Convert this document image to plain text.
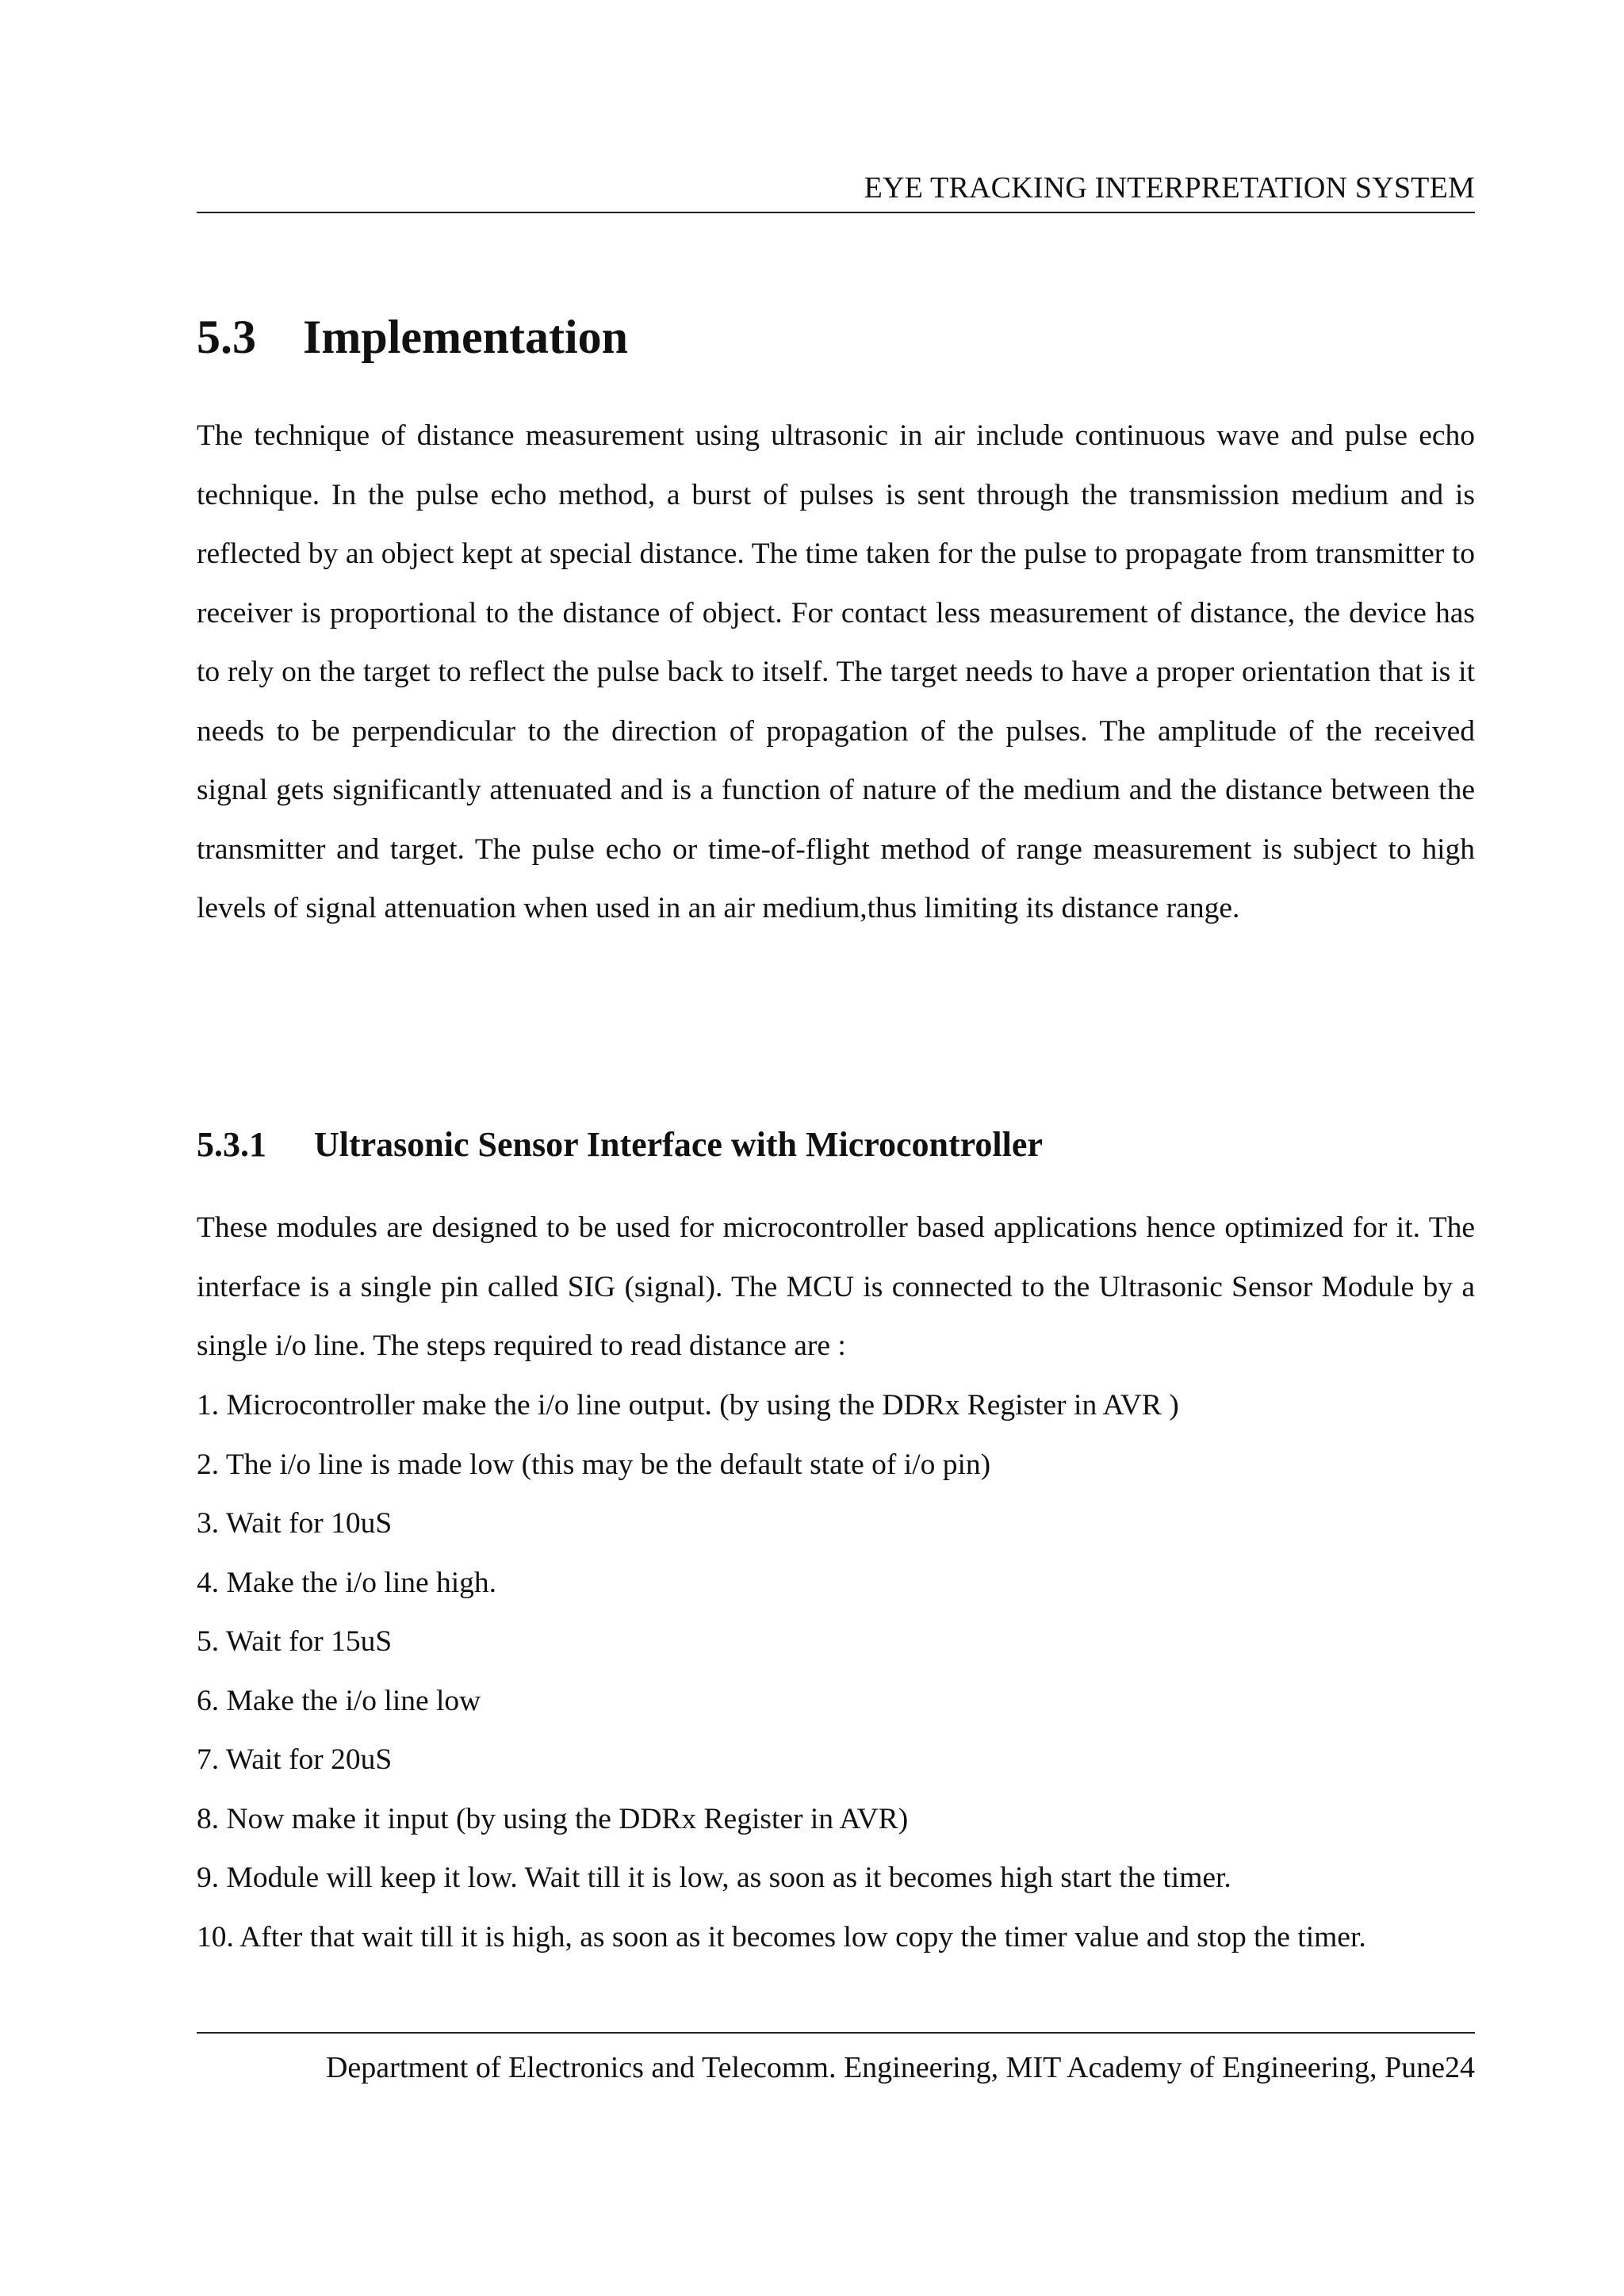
EYE TRACKING INTERPRETATION SYSTEM
5.3 Implementation

The technique of distance measurement using ultrasonic in air include continuous wave and pulse echo technique. In the pulse echo method, a burst of pulses is sent through the transmission medium and is reflected by an object kept at special distance. The time taken for the pulse to propagate from transmitter to receiver is proportional to the distance of object. For contact less measurement of distance, the device has to rely on the target to reflect the pulse back to itself. The target needs to have a proper orientation that is it needs to be perpendicular to the direction of propagation of the pulses. The amplitude of the received signal gets significantly attenuated and is a function of nature of the medium and the distance between the transmitter and target. The pulse echo or time-of-flight method of range measurement is subject to high levels of signal attenuation when used in an air medium,thus limiting its distance range.

5.3.1 Ultrasonic Sensor Interface with Microcontroller

These modules are designed to be used for microcontroller based applications hence optimized for it. The interface is a single pin called SIG (signal). The MCU is connected to the Ultrasonic Sensor Module by a single i/o line. The steps required to read distance are :

1. Microcontroller make the i/o line output. (by using the DDRx Register in AVR )
2. The i/o line is made low (this may be the default state of i/o pin)
3. Wait for 10uS
4. Make the i/o line high.
5. Wait for 15uS
6. Make the i/o line low
7. Wait for 20uS
8. Now make it input (by using the DDRx Register in AVR)
9. Module will keep it low. Wait till it is low, as soon as it becomes high start the timer.
10. After that wait till it is high, as soon as it becomes low copy the timer value and stop the timer.
Department of Electronics and Telecomm. Engineering, MIT Academy of Engineering, Pune24
